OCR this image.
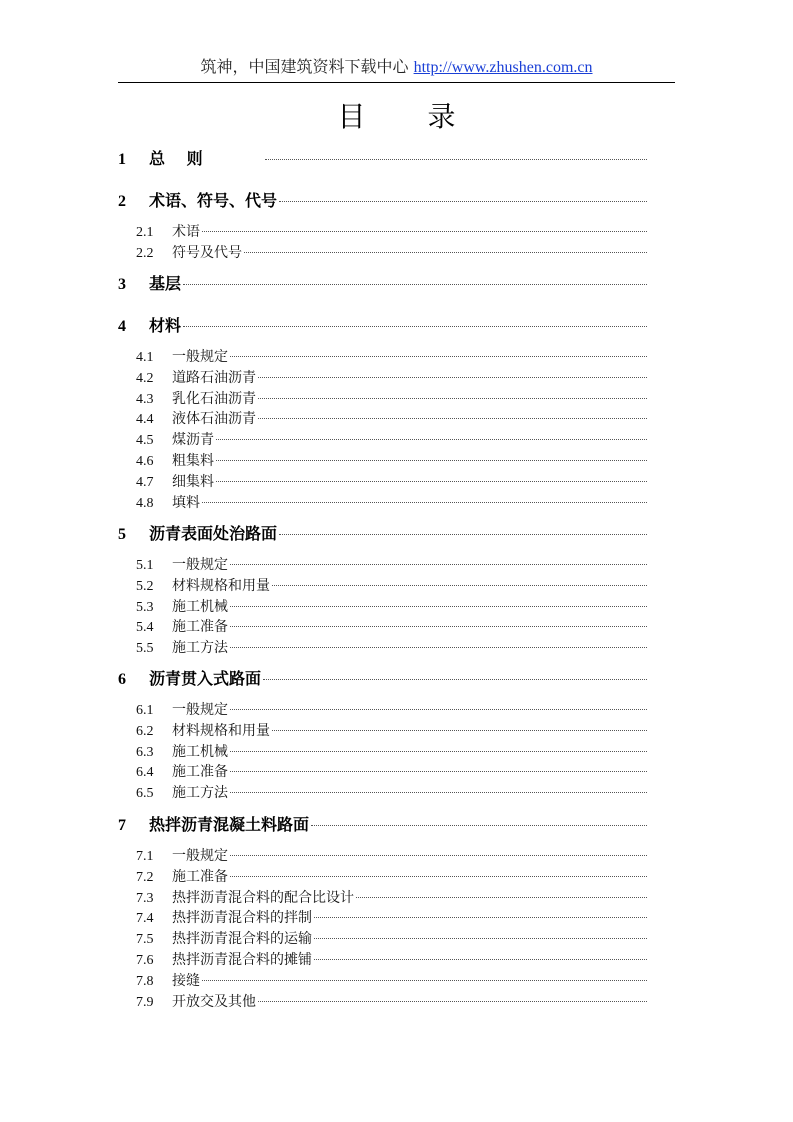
筑神，中国建筑资料下载中心 http://www.zhushen.com.cn
目 录
1	总　 则
2	术语、符号、代号
2.1	术语
2.2	符号及代号
3	基层
4	材料
4.1	一般规定
4.2	道路石油沥青
4.3	乳化石油沥青
4.4	液体石油沥青
4.5	煤沥青
4.6	粗集料
4.7	细集料
4.8	填料
5	沥青表面处治路面
5.1	一般规定
5.2	材料规格和用量
5.3	施工机械
5.4	施工准备
5.5	施工方法
6	沥青贯入式路面
6.1	一般规定
6.2	材料规格和用量
6.3	施工机械
6.4	施工准备
6.5	施工方法
7	热拌沥青混凝土料路面
7.1	一般规定
7.2	施工准备
7.3	热拌沥青混合料的配合比设计
7.4	热拌沥青混合料的拌制
7.5	热拌沥青混合料的运输
7.6	热拌沥青混合料的摊铺
7.8	接缝
7.9	开放交及其他
